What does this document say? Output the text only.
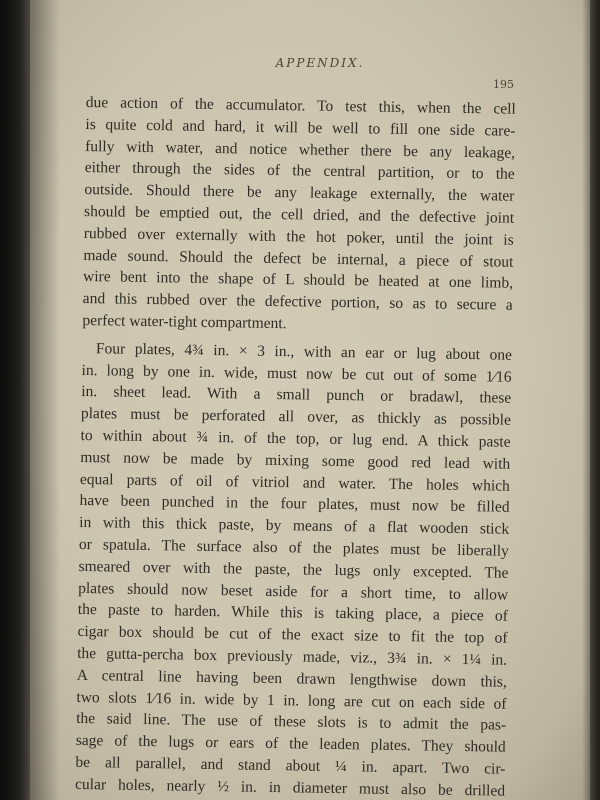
APPENDIX.
195
due action of the accumulator. To test this, when the cell
is quite cold and hard, it will be well to fill one side care-
fully with water, and notice whether there be any leakage,
either through the sides of the central partition, or to the
outside. Should there be any leakage externally, the water
should be emptied out, the cell dried, and the defective joint
rubbed over externally with the hot poker, until the joint is
made sound. Should the defect be internal, a piece of stout
wire bent into the shape of L should be heated at one limb,
and this rubbed over the defective portion, so as to secure a
perfect water-tight compartment.
Four plates, 4¾ in. × 3 in., with an ear or lug about one
in. long by one in. wide, must now be cut out of some 1⁄16
in. sheet lead. With a small punch or bradawl, these
plates must be perforated all over, as thickly as possible
to within about ¾ in. of the top, or lug end. A thick paste
must now be made by mixing some good red lead with
equal parts of oil of vitriol and water. The holes which
have been punched in the four plates, must now be filled
in with this thick paste, by means of a flat wooden stick
or spatula. The surface also of the plates must be liberally
smeared over with the paste, the lugs only excepted. The
plates should now beset aside for a short time, to allow
the paste to harden. While this is taking place, a piece of
cigar box should be cut of the exact size to fit the top of
the gutta-percha box previously made, viz., 3¾ in. × 1¼ in.
A central line having been drawn lengthwise down this,
two slots 1⁄16 in. wide by 1 in. long are cut on each side of
the said line. The use of these slots is to admit the pas-
sage of the lugs or ears of the leaden plates. They should
be all parallel, and stand about ¼ in. apart. Two cir-
cular holes, nearly ½ in. in diameter must also be drilled
